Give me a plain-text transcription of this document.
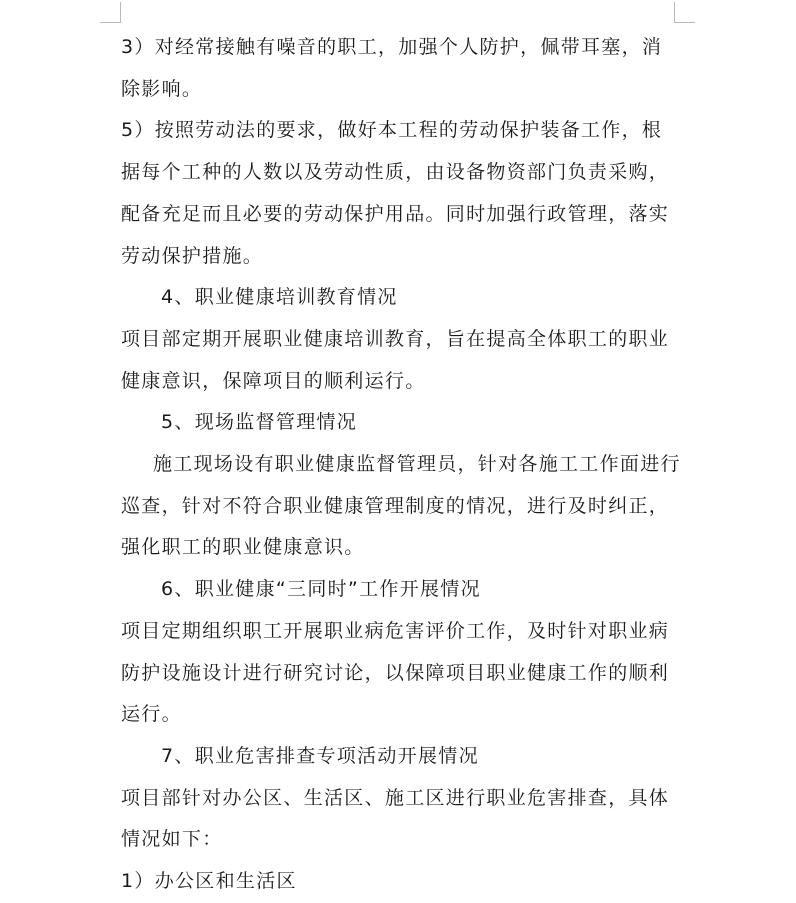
3）对经常接触有噪音的职工，加强个人防护，佩带耳塞，消除影响。

5）按照劳动法的要求，做好本工程的劳动保护装备工作，根据每个工种的人数以及劳动性质，由设备物资部门负责采购，配备充足而且必要的劳动保护用品。同时加强行政管理，落实劳动保护措施。

4、职业健康培训教育情况

项目部定期开展职业健康培训教育，旨在提高全体职工的职业健康意识，保障项目的顺利运行。

5、现场监督管理情况

施工现场设有职业健康监督管理员，针对各施工工作面进行巡查，针对不符合职业健康管理制度的情况，进行及时纠正，强化职工的职业健康意识。

6、职业健康“三同时”工作开展情况

项目定期组织职工开展职业病危害评价工作，及时针对职业病防护设施设计进行研究讨论，以保障项目职业健康工作的顺利运行。

7、职业危害排查专项活动开展情况

项目部针对办公区、生活区、施工区进行职业危害排查，具体情况如下：

1）办公区和生活区
